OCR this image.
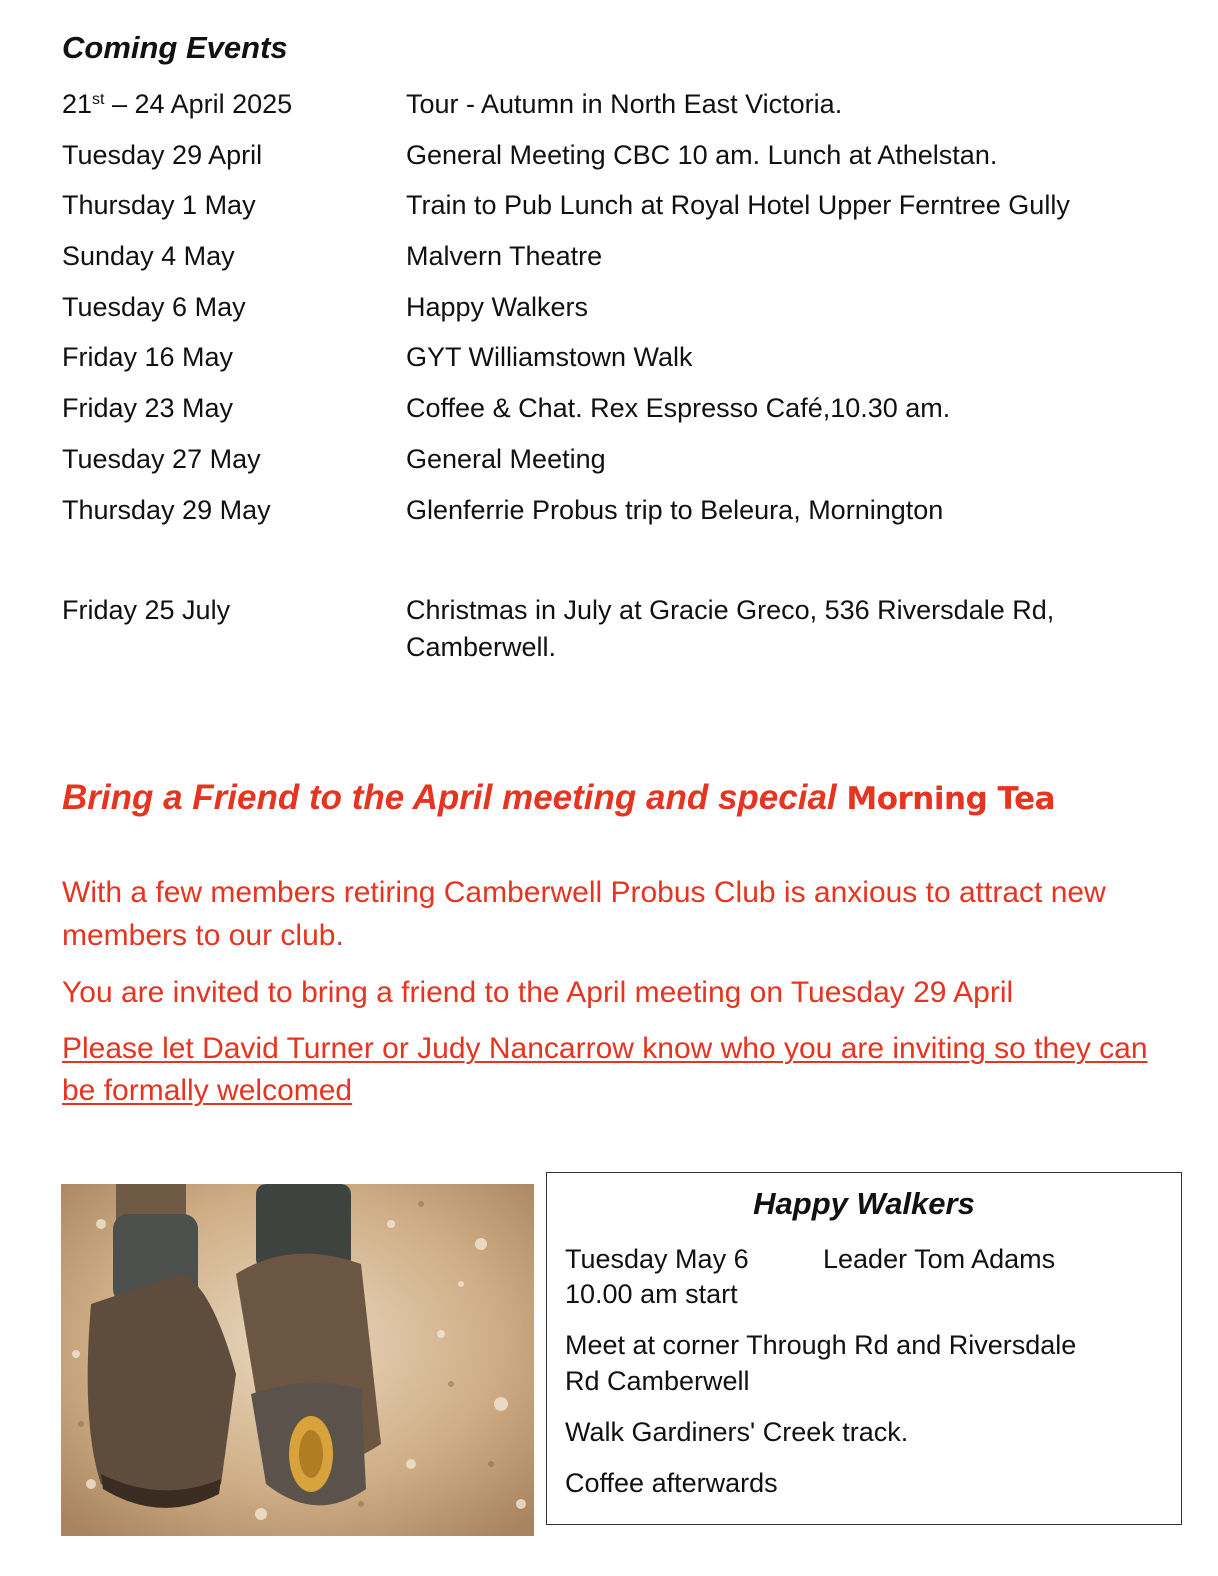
Coming Events
21st – 24 April 2025	Tour - Autumn in North East Victoria.
Tuesday 29 April	General Meeting CBC 10 am. Lunch at Athelstan.
Thursday 1 May	Train to Pub Lunch at Royal Hotel Upper Ferntree Gully
Sunday 4 May	Malvern Theatre
Tuesday 6 May	Happy Walkers
Friday 16 May	GYT Williamstown Walk
Friday 23 May	Coffee & Chat. Rex Espresso Café,10.30 am.
Tuesday 27 May	General Meeting
Thursday 29 May	Glenferrie Probus trip to Beleura, Mornington
Friday 25 July	Christmas in July at Gracie Greco, 536 Riversdale Rd, Camberwell.
Bring a Friend to the April meeting and special Morning Tea
With a few members retiring Camberwell Probus Club is anxious to attract new members to our club.
You are invited to bring a friend to the April meeting on Tuesday 29 April
Please let David Turner or Judy Nancarrow know who you are inviting so they can be formally welcomed
Happy Walkers
Tuesday May 6	Leader Tom Adams
10.00 am start
Meet at corner Through Rd and Riversdale
Rd Camberwell
Walk Gardiners' Creek track.
Coffee afterwards
